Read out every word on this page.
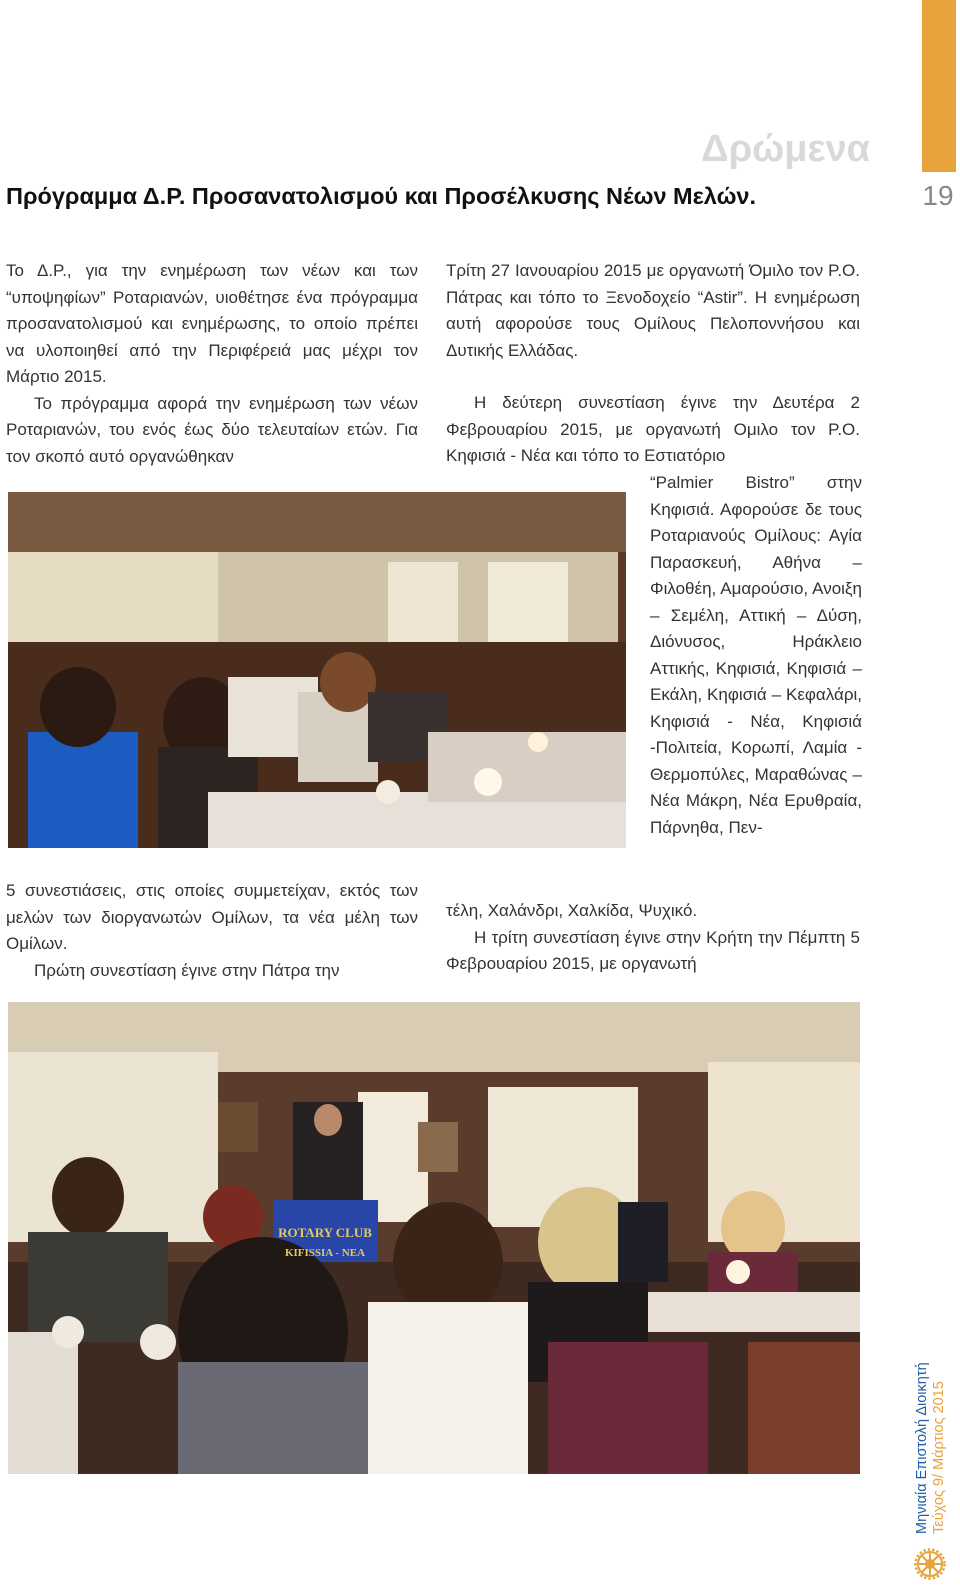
19
Δρώμενα
Πρόγραμμα Δ.Ρ. Προσανατολισμού και Προσέλκυσης Νέων Μελών.

Το Δ.Ρ., για την ενημέρωση των νέων και των “υποψηφίων” Ροταριανών, υιοθέτησε ένα πρόγραμμα προσανατολισμού και ενημέρωσης, το οποίο πρέπει να υλοποιηθεί από την Περιφέρειά μας μέχρι τον Μάρτιο 2015.

Το πρόγραμμα αφορά την ενημέρωση των νέων Ροταριανών, του ενός έως δύο τελευταίων ετών. Για τον σκοπό αυτό οργανώθηκαν

5 συνεστιάσεις, στις οποίες συμμετείχαν, εκτός των μελών των διοργανωτών Ομίλων, τα νέα μέλη των Ομίλων.

Πρώτη συνεστίαση έγινε στην Πάτρα την

Τρίτη 27 Ιανουαρίου 2015 με οργανωτή Όμιλο τον Ρ.Ο. Πάτρας και τόπο το Ξενοδοχείο “Astir”. Η ενημέρωση αυτή αφορούσε τους Ομίλους Πελοποννήσου και Δυτικής Ελλάδας.

Η δεύτερη συνεστίαση έγινε την Δευτέρα 2 Φεβρουαρίου 2015, με οργανωτή Ομιλο τον Ρ.Ο. Κηφισιά - Νέα και τόπο το Εστιατόριο

“Palmier Bistro” στην Κηφισιά. Αφορούσε δε τους Ροταριανούς Ομίλους: Αγία Παρασκευή, Αθήνα – Φιλοθέη, Αμαρούσιο, Ανοιξη – Σεμέλη, Αττική – Δύση, Διόνυσος, Ηράκλειο Αττικής, Κηφισιά, Κηφισιά –Εκάλη, Κηφισιά – Κεφαλάρι, Κηφισιά - Νέα, Κηφισιά -Πολιτεία, Κορωπί, Λαμία - Θερμοπύλες, Μαραθώνας – Νέα Μάκρη, Νέα Ερυθραία, Πάρνηθα, Πεν-

τέλη, Χαλάνδρι, Χαλκίδα, Ψυχικό.

Η τρίτη συνεστίαση έγινε στην Κρήτη την Πέμπτη 5 Φεβρουαρίου 2015, με οργανωτή

ROTARY CLUB
KIFISSIA - ΝΕΑ
Μηνιαία Επιστολή Διοικητή Τεύχος 9/ Μάρτιος 2015
